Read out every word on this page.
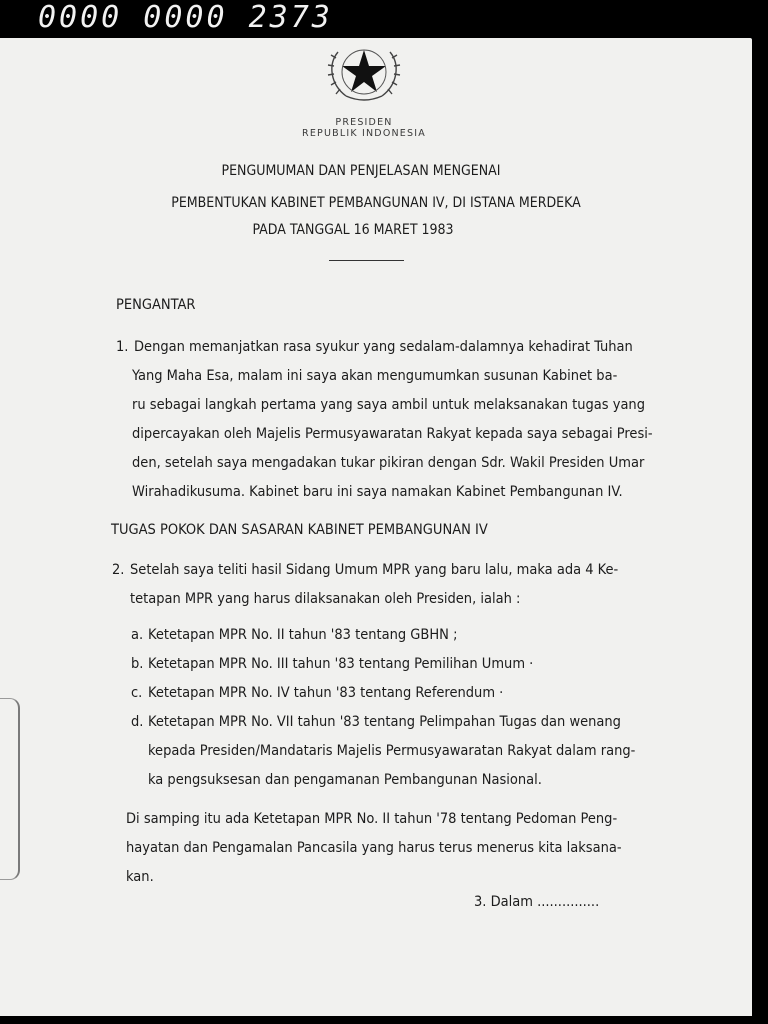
0000 0000 2373
PRESIDEN
REPUBLIK INDONESIA
PENGUMUMAN DAN PENJELASAN MENGENAI
PEMBENTUKAN KABINET PEMBANGUNAN IV, DI ISTANA MERDEKA
PADA TANGGAL 16 MARET 1983
PENGANTAR
1. Dengan memanjatkan rasa syukur yang sedalam-dalamnya kehadirat Tuhan
Yang Maha Esa, malam ini saya akan mengumumkan susunan Kabinet ba-
ru sebagai langkah pertama yang saya ambil untuk melaksanakan tugas yang
dipercayakan oleh Majelis Permusyawaratan Rakyat kepada saya sebagai Presi-
den, setelah saya mengadakan tukar pikiran dengan Sdr. Wakil Presiden Umar
Wirahadikusuma. Kabinet baru ini saya namakan Kabinet Pembangunan IV.
TUGAS POKOK DAN SASARAN KABINET PEMBANGUNAN IV
2. Setelah saya teliti hasil Sidang Umum MPR yang baru lalu, maka ada 4 Ke-
tetapan MPR yang harus dilaksanakan oleh Presiden, ialah :
a. Ketetapan MPR No. II tahun '83 tentang GBHN ;
b. Ketetapan MPR No. III tahun '83 tentang Pemilihan Umum ·
c. Ketetapan MPR No. IV tahun '83 tentang Referendum ·
d. Ketetapan MPR No. VII tahun '83 tentang Pelimpahan Tugas dan wenang
kepada Presiden/Mandataris Majelis Permusyawaratan Rakyat dalam rang-
ka pengsuksesan dan pengamanan Pembangunan Nasional.
Di samping itu ada Ketetapan MPR No. II tahun '78 tentang Pedoman Peng-
hayatan dan Pengamalan Pancasila yang harus terus menerus kita laksana-
kan.
3. Dalam ...............
